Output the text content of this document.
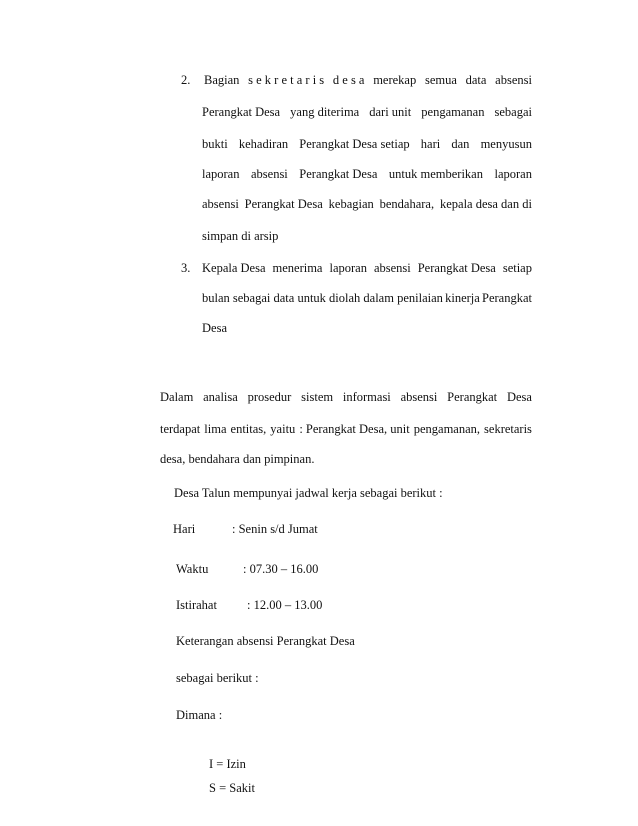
2. Bagian s e k r e t a r i s d e s a merekap semua data absensi
Perangkat Desa yang diterima dari unit pengamanan sebagai
bukti kehadiran Perangkat Desa setiap hari dan menyusun
laporan absensi Perangkat Desa untuk memberikan laporan
absensi Perangkat Desa kebagian bendahara, kepala desa dan di
simpan di arsip
3. Kepala Desa menerima laporan absensi Perangkat Desa setiap
bulan sebagai data untuk diolah dalam penilaian kinerja Perangkat
Desa
Dalam analisa prosedur sistem informasi absensi Perangkat Desa
terdapat lima entitas, yaitu : Perangkat Desa, unit pengamanan, sekretaris
desa, bendahara dan pimpinan.
Desa Talun mempunyai jadwal kerja sebagai berikut :
Hari	: Senin s/d Jumat
Waktu	: 07.30 – 16.00
Istirahat : 12.00 – 13.00
Keterangan absensi Perangkat Desa
sebagai berikut :
Dimana :
I = Izin
S = Sakit
